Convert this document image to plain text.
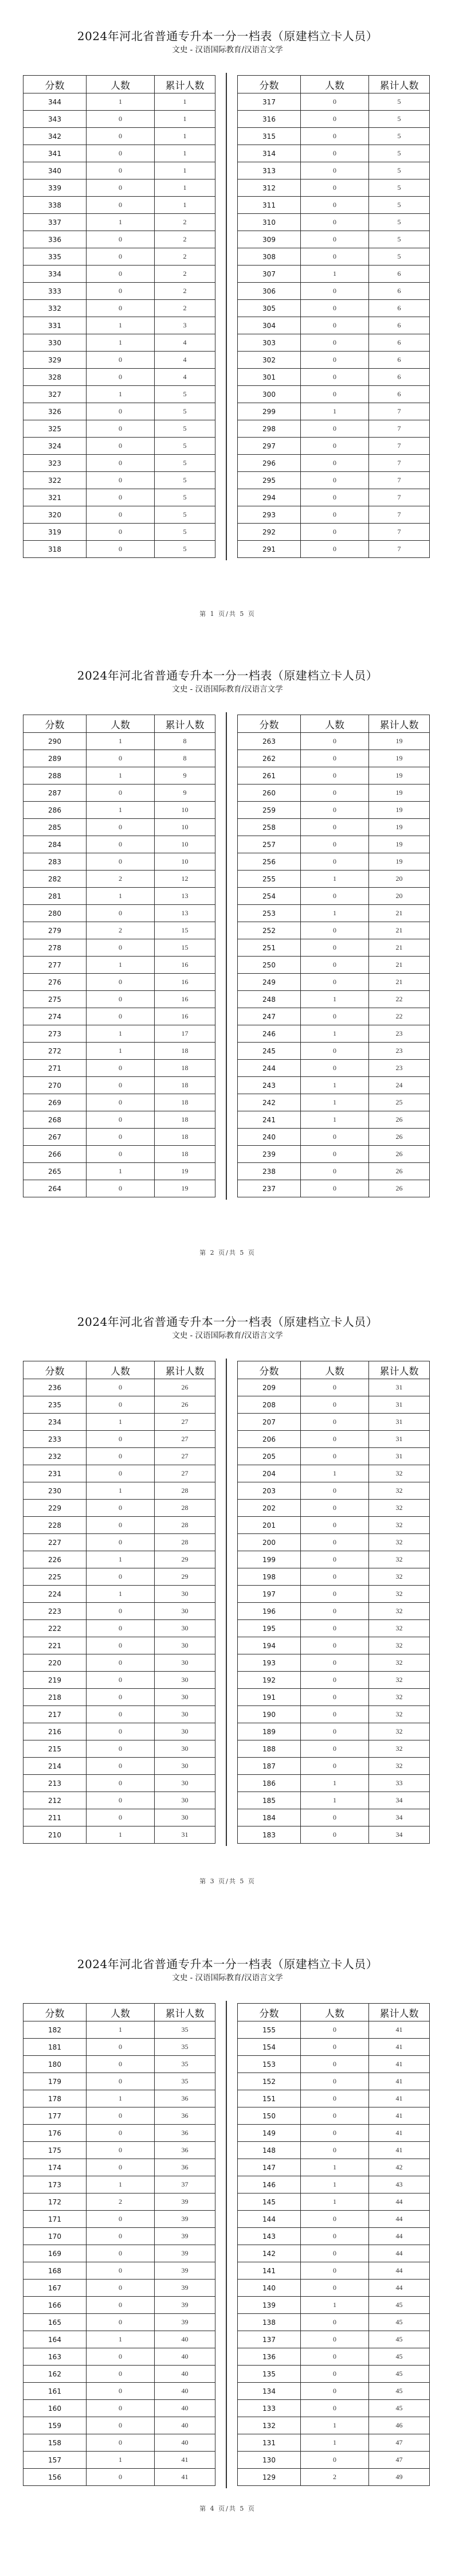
2024年河北省普通专升本一分一档表（原建档立卡人员）
文史 - 汉语国际教育/汉语言文学
分数	人数	累计人数
344	1	1
343	0	1
342	0	1
341	0	1
340	0	1
339	0	1
338	0	1
337	1	2
336	0	2
335	0	2
334	0	2
333	0	2
332	0	2
331	1	3
330	1	4
329	0	4
328	0	4
327	1	5
326	0	5
325	0	5
324	0	5
323	0	5
322	0	5
321	0	5
320	0	5
319	0	5
318	0	5
分数	人数	累计人数
317	0	5
316	0	5
315	0	5
314	0	5
313	0	5
312	0	5
311	0	5
310	0	5
309	0	5
308	0	5
307	1	6
306	0	6
305	0	6
304	0	6
303	0	6
302	0	6
301	0	6
300	0	6
299	1	7
298	0	7
297	0	7
296	0	7
295	0	7
294	0	7
293	0	7
292	0	7
291	0	7
第 1 页/共 5 页
2024年河北省普通专升本一分一档表（原建档立卡人员）
文史 - 汉语国际教育/汉语言文学
分数	人数	累计人数
290	1	8
289	0	8
288	1	9
287	0	9
286	1	10
285	0	10
284	0	10
283	0	10
282	2	12
281	1	13
280	0	13
279	2	15
278	0	15
277	1	16
276	0	16
275	0	16
274	0	16
273	1	17
272	1	18
271	0	18
270	0	18
269	0	18
268	0	18
267	0	18
266	0	18
265	1	19
264	0	19
分数	人数	累计人数
263	0	19
262	0	19
261	0	19
260	0	19
259	0	19
258	0	19
257	0	19
256	0	19
255	1	20
254	0	20
253	1	21
252	0	21
251	0	21
250	0	21
249	0	21
248	1	22
247	0	22
246	1	23
245	0	23
244	0	23
243	1	24
242	1	25
241	1	26
240	0	26
239	0	26
238	0	26
237	0	26
第 2 页/共 5 页
2024年河北省普通专升本一分一档表（原建档立卡人员）
文史 - 汉语国际教育/汉语言文学
分数	人数	累计人数
236	0	26
235	0	26
234	1	27
233	0	27
232	0	27
231	0	27
230	1	28
229	0	28
228	0	28
227	0	28
226	1	29
225	0	29
224	1	30
223	0	30
222	0	30
221	0	30
220	0	30
219	0	30
218	0	30
217	0	30
216	0	30
215	0	30
214	0	30
213	0	30
212	0	30
211	0	30
210	1	31
分数	人数	累计人数
209	0	31
208	0	31
207	0	31
206	0	31
205	0	31
204	1	32
203	0	32
202	0	32
201	0	32
200	0	32
199	0	32
198	0	32
197	0	32
196	0	32
195	0	32
194	0	32
193	0	32
192	0	32
191	0	32
190	0	32
189	0	32
188	0	32
187	0	32
186	1	33
185	1	34
184	0	34
183	0	34
第 3 页/共 5 页
2024年河北省普通专升本一分一档表（原建档立卡人员）
文史 - 汉语国际教育/汉语言文学
分数	人数	累计人数
182	1	35
181	0	35
180	0	35
179	0	35
178	1	36
177	0	36
176	0	36
175	0	36
174	0	36
173	1	37
172	2	39
171	0	39
170	0	39
169	0	39
168	0	39
167	0	39
166	0	39
165	0	39
164	1	40
163	0	40
162	0	40
161	0	40
160	0	40
159	0	40
158	0	40
157	1	41
156	0	41
分数	人数	累计人数
155	0	41
154	0	41
153	0	41
152	0	41
151	0	41
150	0	41
149	0	41
148	0	41
147	1	42
146	1	43
145	1	44
144	0	44
143	0	44
142	0	44
141	0	44
140	0	44
139	1	45
138	0	45
137	0	45
136	0	45
135	0	45
134	0	45
133	0	45
132	1	46
131	1	47
130	0	47
129	2	49
第 4 页/共 5 页
